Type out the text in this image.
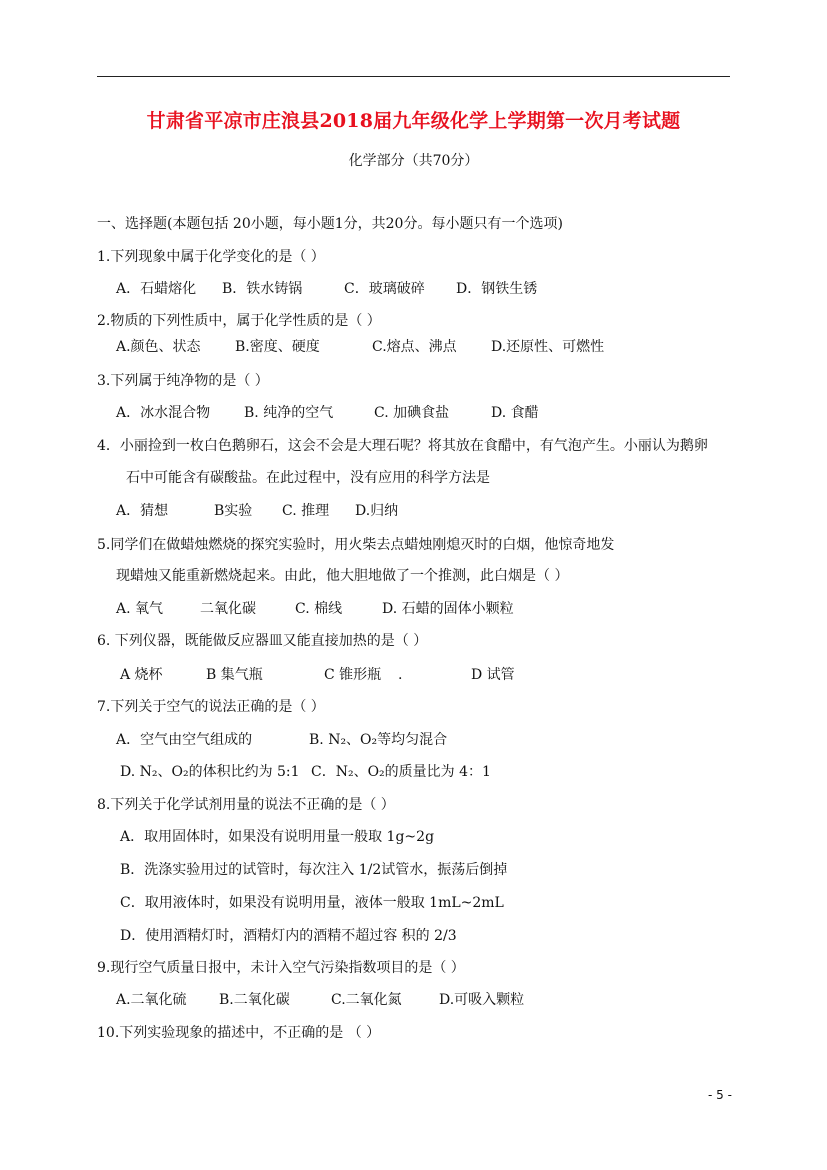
甘肃省平凉市庄浪县2018届九年级化学上学期第一次月考试题
化学部分（共70分）
一、选择题(本题包括 20小题，每小题1分，共20分。每小题只有一个选项)
1.下列现象中属于化学变化的是（ ）
A．石蜡熔化 B．铁水铸锅	C．玻璃破碎 D．钢铁生锈
2.物质的下列性质中，属于化学性质的是（ ）
A.颜色、状态 B.密度、硬度	C.熔点、沸点 D.还原性、可燃性
3.下列属于纯净物的是（ ）
A．冰水混合物 B. 纯净的空气	C. 加碘食盐	D. 食醋
4．小丽捡到一枚白色鹅卵石，这会不会是大理石呢？将其放在食醋中，有气泡产生。小丽认为鹅卵
石中可能含有碳酸盐。在此过程中，没有应用的科学方法是
A．猜想	B实验 C. 推理 D.归纳
5.同学们在做蜡烛燃烧的探究实验时，用火柴去点蜡烛刚熄灭时的白烟，他惊奇地发
现蜡烛又能重新燃烧起来。由此，他大胆地做了一个推测，此白烟是（ ）
A. 氧气	二氧化碳	C. 棉线	D. 石蜡的固体小颗粒
6. 下列仪器，既能做反应器皿又能直接加热的是（ ）
A 烧杯	B 集气瓶	C 锥形瓶 .	D 试管
7.下列关于空气的说法正确的是（ ）
A．空气由空气组成的	B. N₂、O₂等均匀混合
D. N₂、O₂的体积比约为 5:1 C．N₂、O₂的质量比为 4：1
8.下列关于化学试剂用量的说法不正确的是（ ）
A．取用固体时，如果没有说明用量一般取 1g~2g
B．洗涤实验用过的试管时，每次注入 1/2试管水，振荡后倒掉
C．取用液体时，如果没有说明用量，液体一般取 1mL~2mL
D．使用酒精灯时，酒精灯内的酒精不超过容 积的 2/3
9.现行空气质量日报中，未计入空气污染指数项目的是（ ）
A.二氧化硫 B.二氧化碳	C.二氧化氮	D.可吸入颗粒
10.下列实验现象的描述中，不正确的是 （ ）
- 5 -
